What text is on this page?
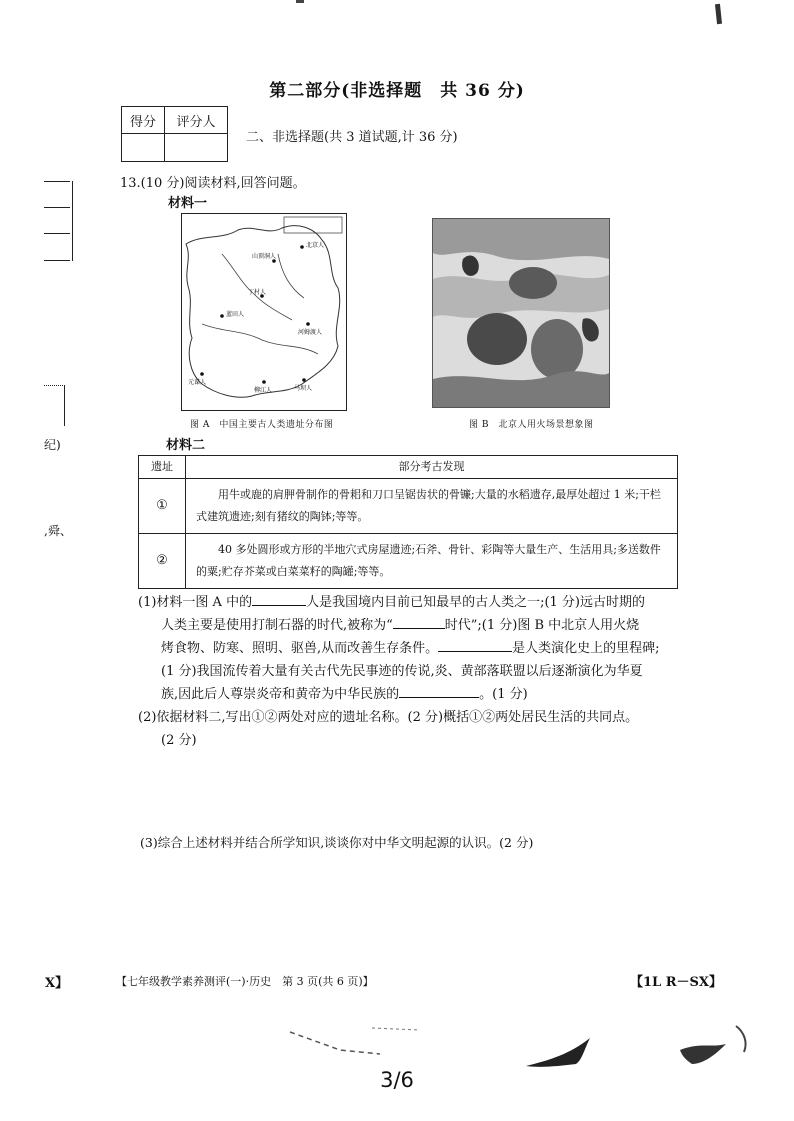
第二部分(非选择题　共 36 分)
得分	评分人

二、非选择题(共 3 道试题,计 36 分)
纪)
,舜、
13.(10 分)阅读材料,回答问题。
材料一
北京人
山顶洞人
丁村人
蓝田人
元谋人
马坝人
柳江人
河姆渡人
图 A　中国主要古人类遗址分布图	图 B　北京人用火场景想象图
材料二
遗址	部分考古发现
①	用牛或鹿的肩胛骨制作的骨耜和刀口呈锯齿状的骨镰;大量的水稻遗存,最厚处超过 1 米;干栏式建筑遗迹;刻有猪纹的陶钵;等等。
②	40 多处圆形或方形的半地穴式房屋遗迹;石斧、骨针、彩陶等大量生产、生活用具;多送数件的粟;贮存芥菜或白菜菜籽的陶罐;等等。
(1)材料一图 A 中的	人是我国境内目前已知最早的古人类之一;(1 分)远古时期的
人类主要是使用打制石器的时代,被称为“	时代”;(1 分)图 B 中北京人用火烧
烤食物、防寒、照明、驱兽,从而改善生存条件。	是人类演化史上的里程碑;
(1 分)我国流传着大量有关古代先民事迹的传说,炎、黄部落联盟以后逐渐演化为华夏
族,因此后人尊崇炎帝和黄帝为中华民族的	。(1 分)
(2)依据材料二,写出①②两处对应的遗址名称。(2 分)概括①②两处居民生活的共同点。
(2 分)
(3)综合上述材料并结合所学知识,谈谈你对中华文明起源的认识。(2 分)
X】	【七年级教学素养测评(一)·历史　第 3 页(共 6 页)】	【1L R－SX】
3/6
